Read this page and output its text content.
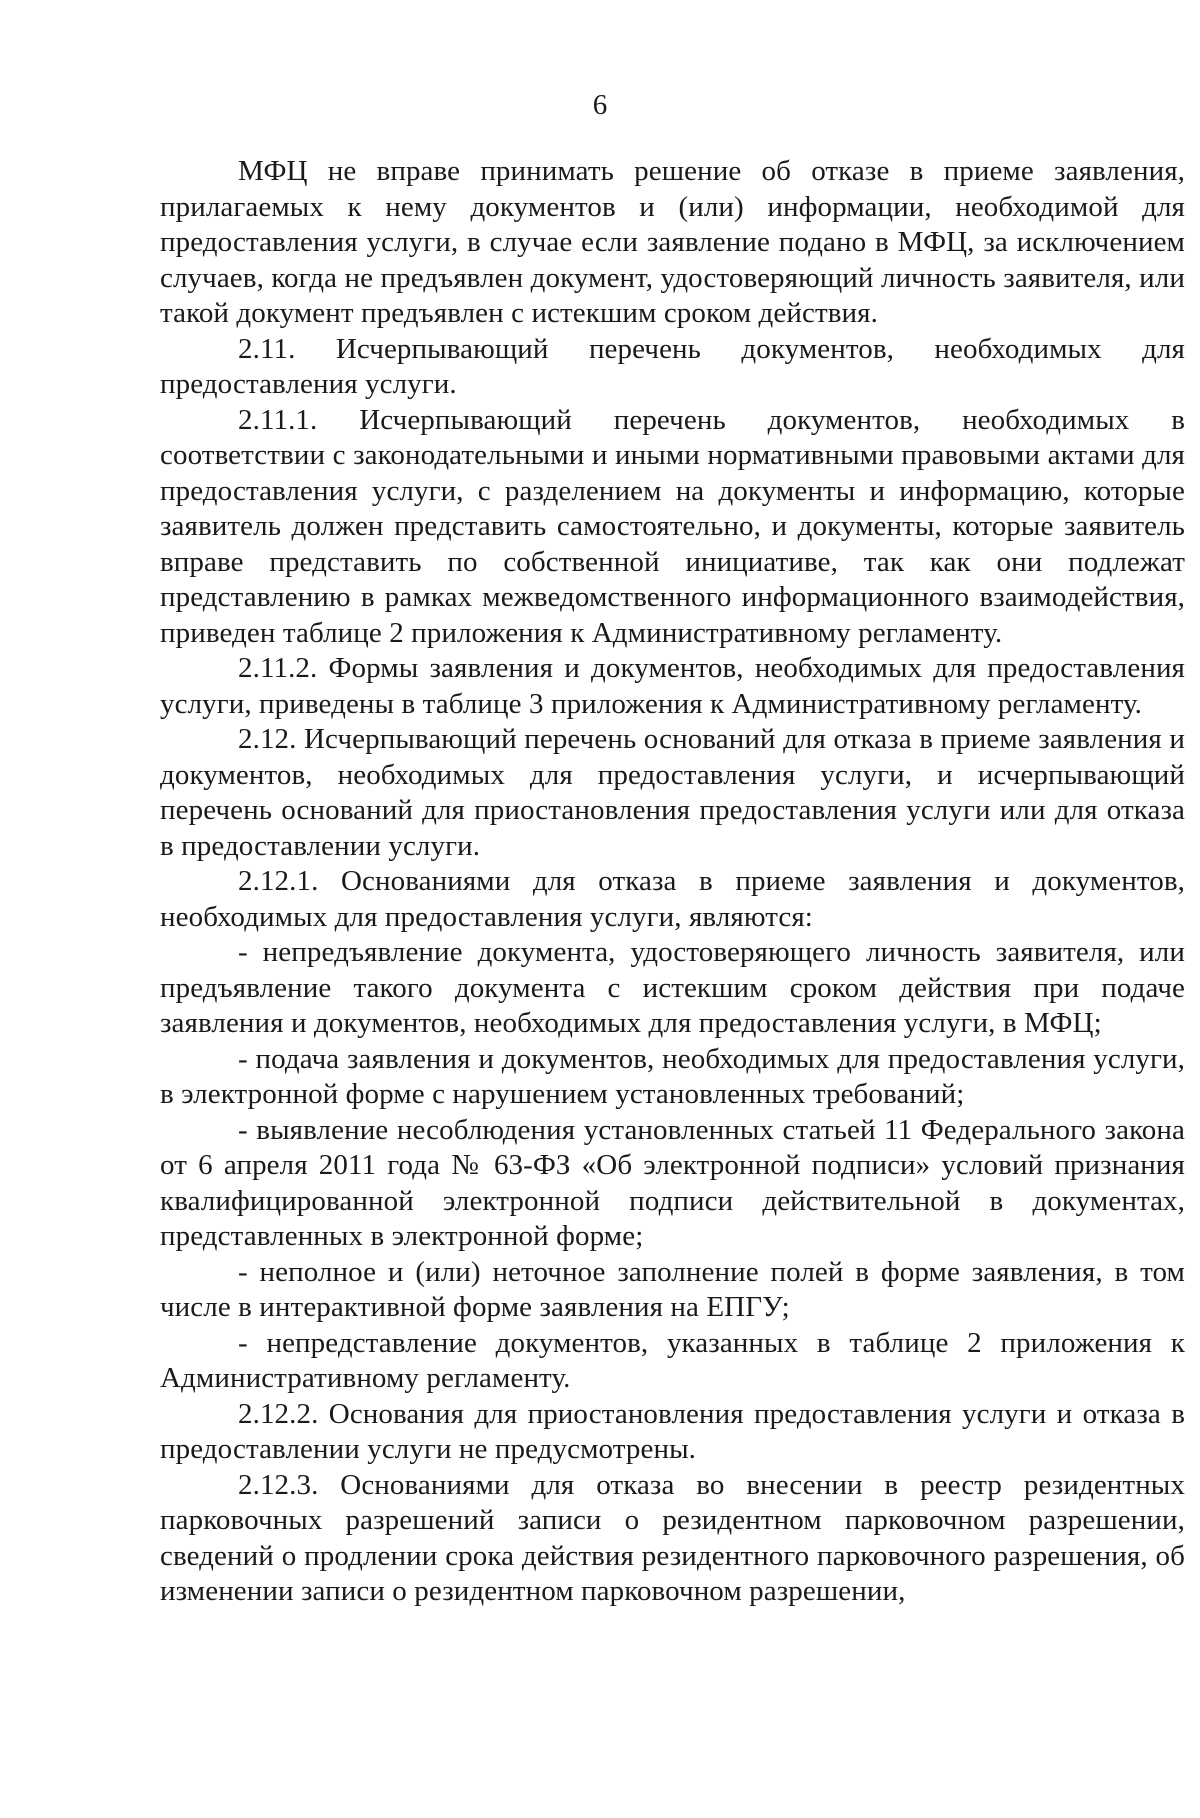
6

МФЦ не вправе принимать решение об отказе в приеме заявления, прилагаемых к нему документов и (или) информации, необходимой для предоставления услуги, в случае если заявление подано в МФЦ, за исключением случаев, когда не предъявлен документ, удостоверяющий личность заявителя, или такой документ предъявлен с истекшим сроком действия.

2.11. Исчерпывающий перечень документов, необходимых для предоставления услуги.

2.11.1. Исчерпывающий перечень документов, необходимых в соответствии с законодательными и иными нормативными правовыми актами для предоставления услуги, с разделением на документы и информацию, которые заявитель должен представить самостоятельно, и документы, которые заявитель вправе представить по собственной инициативе, так как они подлежат представлению в рамках межведомственного информационного взаимодействия, приведен таблице 2 приложения к Административному регламенту.

2.11.2. Формы заявления и документов, необходимых для предоставления услуги, приведены в таблице 3 приложения к Административному регламенту.

2.12. Исчерпывающий перечень оснований для отказа в приеме заявления и документов, необходимых для предоставления услуги, и исчерпывающий перечень оснований для приостановления предоставления услуги или для отказа в предоставлении услуги.

2.12.1. Основаниями для отказа в приеме заявления и документов, необходимых для предоставления услуги, являются:

- непредъявление документа, удостоверяющего личность заявителя, или предъявление такого документа с истекшим сроком действия при подаче заявления и документов, необходимых для предоставления услуги, в МФЦ;

- подача заявления и документов, необходимых для предоставления услуги, в электронной форме с нарушением установленных требований;

- выявление несоблюдения установленных статьей 11 Федерального закона от 6 апреля 2011 года № 63-ФЗ «Об электронной подписи» условий признания квалифицированной электронной подписи действительной в документах, представленных в электронной форме;

- неполное и (или) неточное заполнение полей в форме заявления, в том числе в интерактивной форме заявления на ЕПГУ;

- непредставление документов, указанных в таблице 2 приложения к Административному регламенту.

2.12.2. Основания для приостановления предоставления услуги и отказа в предоставлении услуги не предусмотрены.

2.12.3. Основаниями для отказа во внесении в реестр резидентных парковочных разрешений записи о резидентном парковочном разрешении, сведений о продлении срока действия резидентного парковочного разрешения, об изменении записи о резидентном парковочном разрешении,
